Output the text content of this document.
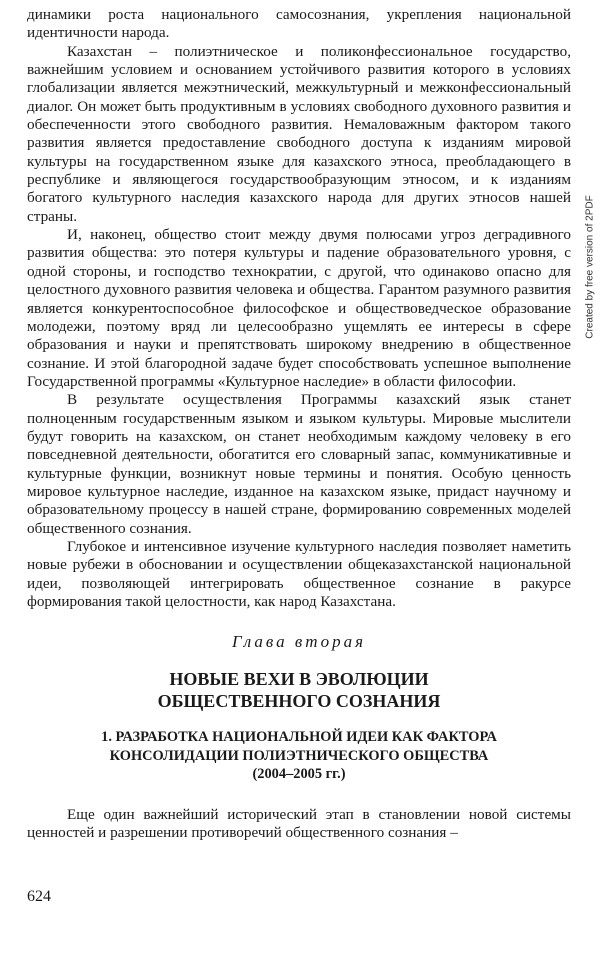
динамики роста национального самосознания, укрепления национальной идентичности народа.

Казахстан – полиэтническое и поликонфессиональное государство, важнейшим условием и основанием устойчивого развития которого в условиях глобализации является межэтнический, межкультурный и межконфессиональный диалог. Он может быть продуктивным в условиях свободного духовного развития и обеспеченности этого свободного развития. Немаловажным фактором такого развития является предоставление свободного доступа к изданиям мировой культуры на государственном языке для казахского этноса, преобладающего в республике и являющегося государствообразующим этносом, и к изданиям богатого культурного наследия казахского народа для других этносов нашей страны.

И, наконец, общество стоит между двумя полюсами угроз деградивного развития общества: это потеря культуры и падение образовательного уровня, с одной стороны, и господство технократии, с другой, что одинаково опасно для целостного духовного развития человека и общества. Гарантом разумного развития является конкурентоспособное философское и обществоведческое образование молодежи, поэтому вряд ли целесообразно ущемлять ее интересы в сфере образования и науки и препятствовать широкому внедрению в общественное сознание. И этой благородной задаче будет способствовать успешное выполнение Государственной программы «Культурное наследие» в области философии.

В результате осуществления Программы казахский язык станет полноценным государственным языком и языком культуры. Мировые мыслители будут говорить на казахском, он станет необходимым каждому человеку в его повседневной деятельности, обогатится его словарный запас, коммуникативные и культурные функции, возникнут новые термины и понятия. Особую ценность мировое культурное наследие, изданное на казахском языке, придаст научному и образовательному процессу в нашей стране, формированию современных моделей общественного сознания.

Глубокое и интенсивное изучение культурного наследия позволяет наметить новые рубежи в обосновании и осуществлении общеказахстанской национальной идеи, позволяющей интегрировать общественное сознание в ракурсе формирования такой целостности, как народ Казахстана.

Глава вторая
НОВЫЕ ВЕХИ В ЭВОЛЮЦИИ
ОБЩЕСТВЕННОГО СОЗНАНИЯ
1. РАЗРАБОТКА НАЦИОНАЛЬНОЙ ИДЕИ КАК ФАКТОРА
КОНСОЛИДАЦИИ ПОЛИЭТНИЧЕСКОГО ОБЩЕСТВА
(2004–2005 гг.)

Еще один важнейший исторический этап в становлении новой системы ценностей и разрешении противоречий общественного сознания –

624
Created by free version of 2PDF
